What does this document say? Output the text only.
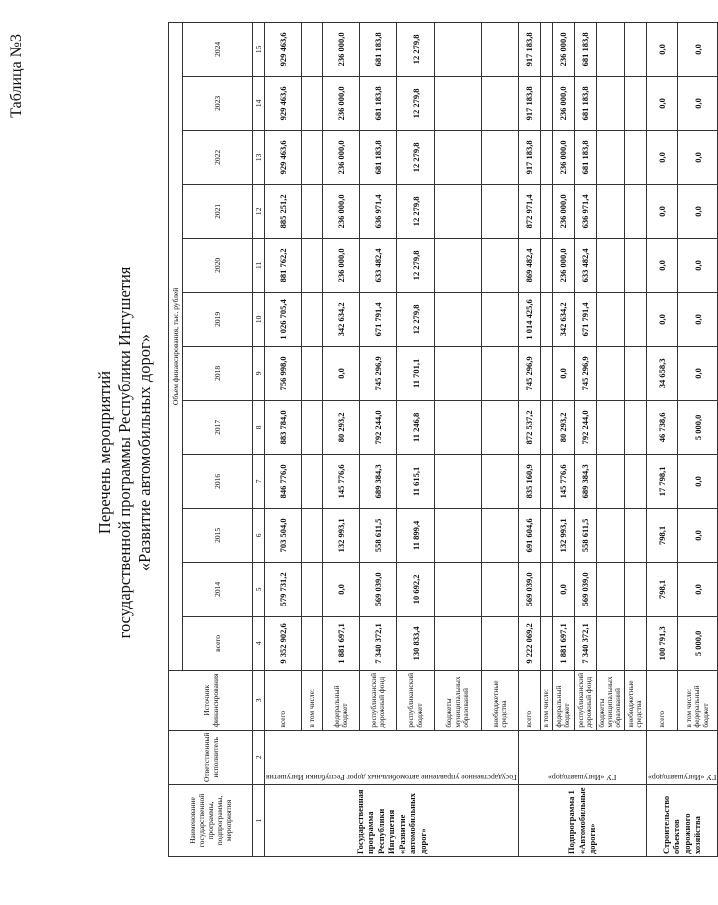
Таблица №3
Перечень мероприятий государственной программы Республики Ингушетия «Развитие автомобильных дорог»
Наименование государственной программы, подпрограммы, мероприятия	Ответственный исполнитель	Источник финансирования	Объем финансирования, тыс. рублей											
			всего	2014	2015	2016	2017	2018	2019	2020	2021	2022	2023	2024
1	2	3	4	5	6	7	8	9	10	11	12	13	14	15
Государственная программа Республики Ингушетия «Развитие автомобильных дорог»	Государственное управление автомобильных дорог Республики Ингушетия	всего	9 352 902,6	579 731,2	703 504,0	846 776,0	883 784,0	756 998,0	1 026 705,4	881 762,2	885 251,2	929 463,6	929 463,6	929 463,6
		в том числе:												
		федеральный бюджет	1 881 697,1	0,0	132 993,1	145 776,6	80 293,2	0,0	342 634,2	236 000,0	236 000,0	236 000,0	236 000,0	236 000,0
		республиканский дорожный фонд	7 340 372,1	569 039,0	558 611,5	689 384,3	792 244,0	745 296,9	671 791,4	633 482,4	636 971,4	681 183,8	681 183,8	681 183,8
		республиканский бюджет	130 833,4	10 692,2	11 899,4	11 615,1	11 246,8	11 701,1	12 279,8	12 279,8	12 279,8	12 279,8	12 279,8	12 279,8
		бюджеты муниципальных образований												
		внебюджетные средства												
Подпрограмма 1 «Автомобильные дороги»	ГУ «Ингушавтодор»	всего	9 222 069,2	569 039,0	691 604,6	835 160,9	872 537,2	745 296,9	1 014 425,6	869 482,4	872 971,4	917 183,8	917 183,8	917 183,8
		в том числе:												
		федеральный бюджет	1 881 697,1	0,0	132 993,1	145 776,6	80 293,2	0,0	342 634,2	236 000,0	236 000,0	236 000,0	236 000,0	236 000,0
		республиканский дорожный фонд	7 340 372,1	569 039,0	558 611,5	689 384,3	792 244,0	745 296,9	671 791,4	633 482,4	636 971,4	681 183,8	681 183,8	681 183,8
		бюджеты муниципальных образований												
		внебюджетные средства												
Строительство объектов дорожного хозяйства	ГУ «Ингушавтодор»	всего	100 791,3	798,1	798,1	17 798,1	46 738,6	34 658,3	0,0	0,0	0,0	0,0	0,0	0,0
		в том числе: федеральный бюджет	5 000,0	0,0	0,0	0,0	5 000,0	0,0	0,0	0,0	0,0	0,0	0,0	0,0
